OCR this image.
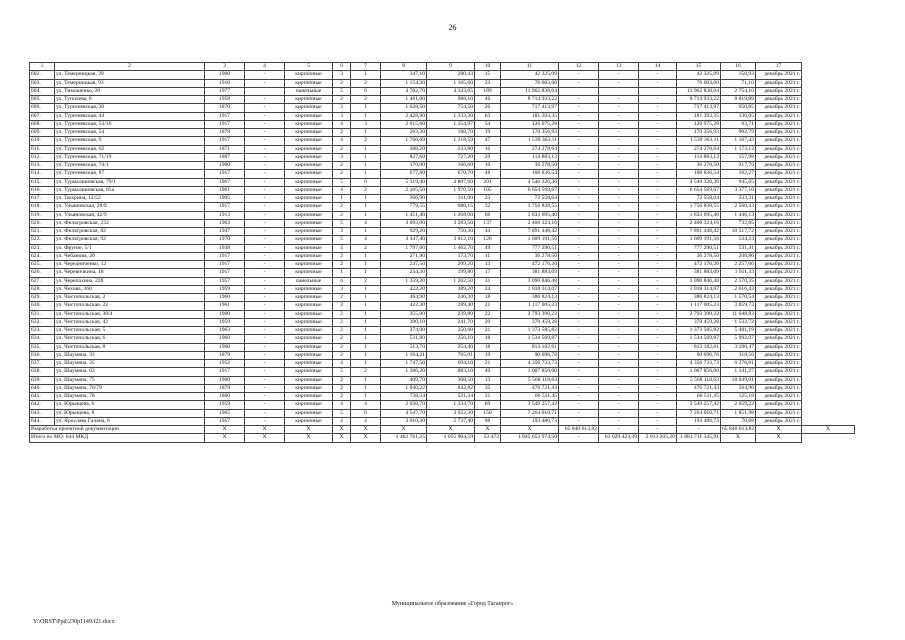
26
1	2	3	4	5	6	7	8	9	10	11	12	13	14	15	16	17	
602.	ул. Темерницкая, 39	1900	-	кирпичные	3	1	347,10	280,43	15	42 325,09	-	-	-	42 325,09	150,93	декабрь 2021 г.	
603.	ул. Темерницкая, 93	1910	-	кирпичные	2	2	1 154,30	1 105,60	23	76 603,60	-	-	-	76 603,60	71,10	декабрь 2021 г.	
604.	ул. Тимошенко, 20	1977		панельные	5	6	4 702,70	4 343,65	189	11 962 838,04				11 962 838,04	2 754,10	декабрь 2021 г.	
605.	ул. Туполева, 8	1958	-	кирпичные	2	2	1 481,00	988,10	46	8 714 933,22	-	-	-	8 714 933,22	8 819,89	декабрь 2021 г.	
606.	ул. Тургеневская, 30	1870	-	кирпичные	3	1	1 028,50	754,50	26	717 413,97	-	-	-	717 413,97	950,85	декабрь 2021 г.	
607.	ул. Тургеневская, 44	1917	-	кирпичные	3	1	2 428,90	1 333,30	63	181 393,35	-	-	-	181 393,35	136,05	декабрь 2021 г.	
608.	ул. Тургеневская, 53/16	1917	-	кирпичные	4	3	2 015,60	1 354,97	54	126 975,28	-	-	-	126 975,28	93,71	декабрь 2021 г.	
609.	ул. Тургеневская, 54	1878	-	кирпичные	2	1	263,30	188,70	19	170 356,93	-	-	-	170 356,93	902,79	декабрь 2021 г.	
610.	ул. Тургеневская, 6	1917	-	кирпичные	4	2	1 766,69	1 318,59	47	1 539 363,11	-	-	-	1 539 363,11	1 167,43	декабрь 2021 г.	
611.	ул. Тургеневская, 62	1871	-	кирпичные	2	1	388,20	233,80	16	274 278,64	-	-	-	274 278,64	1 173,13	декабрь 2021 г.	
612.	ул. Тургеневская, 71/19	1887	-	кирпичные	3	1	827,60	727,20	29	114 883,13	-	-	-	114 883,13	157,98	декабрь 2021 г.	
613.	ул. Тургеневская, 74/1	1900	-	кирпичные	2	1	176,00	166,60	10	36 278,50	-	-	-	36 278,50	217,76	декабрь 2021 г.	
614.	ул. Тургеневская, 87	1917	-	кирпичные	2	1	677,80	670,70	48	108 836,54	-	-	-	108 836,54	162,27	декабрь 2021 г.	
615.	ул. Турмалиновская, 79/1	1967	-	кирпичные	5	6	5 319,40	4 807,60	201	4 546 326,36	-	-	-	4 546 326,36	945,65	декабрь 2021 г.	
616.	ул. Турмалиновская, 85а	1961	-	кирпичные	4	2	2 105,50	1 970,50	105	6 654 569,67	-	-	-	6 654 569,67	3 377,10	декабрь 2021 г.	
617.	ул. Тюхрина, 12/52	1905	-	кирпичные	1	1	366,90	311,00	23	72 558,04	-	-	-	72 558,04	233,31	декабрь 2021 г.	
618.	ул. Ульяновская, 28/9	1917	-	кирпичные	2	1	779,55	686,15	32	1 756 838,55	-	-	-	1 756 838,55	2 560,43	декабрь 2021 г.	
619.	ул. Ульяновская, 42/9	1913	-	кирпичные	2	1	1 451,40	1 268,00	66	1 833 695,40	-	-	-	1 833 695,40	1 446,13	декабрь 2021 г.	
620.	ул. Фильтровская, 232	1963	-	кирпичные	5	4	4 093,00	3 283,50	137	2 406 324,16	-	-	-	2 406 324,16	732,85	декабрь 2021 г.	
621.	ул. Фильтровская, 82	1947	-	кирпичные	3	1	929,20	750,30	44	7 891 448,42	-	-	-	7 891 448,42	10 517,72	декабрь 2021 г.	
622.	ул. Фильтровская, 92	1970	-	кирпичные	5	4	4 347,40	3 012,10	126	1 609 191,56	-	-	-	1 609 191,56	534,24	декабрь 2021 г.	
623.	ул. Фрунзе, 5/1	1938	-	кирпичные	4	2	1 797,00	1 462,70	49	777 290,51	-	-	-	777 290,51	531,41	декабрь 2021 г.	
624.	ул. Чебанова, 20	1917	-	кирпичные	2	1	271,90	173,70	11	36 278,50	-	-	-	36 278,50	208,86	декабрь 2021 г.	
625.	ул. Чередниченко, 12	1917	-	кирпичные	2	1	247,50	209,20	13	472 176,26	-	-	-	472 176,26	2 257,06	декабрь 2021 г.	
626.	ул. Черевичкина, 18	1917	-	кирпичные	1	1	234,30	199,80	17	381 883,09	-	-	-	381 883,09	1 911,33	декабрь 2021 г.	
627.	ул. Черепахина, 228	1957	-	панельные	4	2	1 359,20	1 202,50	31	3 090 846,48	-	-	-	3 090 846,48	2 570,35	декабрь 2021 г.	
628.	ул. Чехова, 360	1959	-	кирпичные	3	1	422,20	389,20	24	1 018 314,07	-	-	-	1 018 314,07	2 616,43	декабрь 2021 г.	
629.	ул. Чистопольская, 2	1960	-	кирпичные	2	1	484,90	246,30	18	386 824,13	-	-	-	386 824,13	1 570,54	декабрь 2021 г.	
630.	ул. Чистопольская, 22	1961	-	кирпичные	3	1	422,30	289,40	21	1 117 005,23	-	-	-	1 117 005,23	3 859,73	декабрь 2021 г.	
631.	ул. Чистопольская, 38/4	1960	-	кирпичные	2	1	355,00	239,80	22	2 793 390,22	-	-	-	2 793 390,22	11 648,83	декабрь 2021 г.	
632.	ул. Чистопольская, 42	1959	-	кирпичные	2	1	390,10	241,70	20	370 459,28	-	-	-	370 459,28	1 532,72	декабрь 2021 г.	
633.	ул. Чистопольская, 5	1963	-	кирпичные	2	1	374,00	250,60	21	1 373 585,82	-	-	-	1 373 585,82	5 481,19	декабрь 2021 г.	
634.	ул. Чистопольская, 6	1960	-	кирпичные	2	1	531,80	256,10	18	1 534 569,87	-	-	-	1 534 569,87	5 992,07	декабрь 2021 г.	
635.	ул. Чистопольская, 8	1960	-	кирпичные	2	1	513,70	254,40	18	813 182,61	-	-	-	813 182,61	3 196,47	декабрь 2021 г.	
636.	ул. Шаумяна, 33	1879	-	кирпичные	2	1	1 104,21	765,01	19	90 696,78	-	-	-	90 696,78	118,56	декабрь 2021 г.	
637.	ул. Шаумяна, 35	1952	-	кирпичные	4	1	1 747,50	694,10	21	4 356 733,73	-	-	-	4 356 733,73	6 276,81	декабрь 2021 г.	
638.	ул. Шаумяна, 63	1917	-	кирпичные	5	2	1 386,20	883,10	40	1 007 856,00	-	-	-	1 007 856,00	1 141,27	декабрь 2021 г.	
639.	ул. Шаумяна, 75	1900	-	кирпичные	2	1	409,70	308,50	13	5 568 118,63	-	-	-	5 568 118,63	18 049,01	декабрь 2021 г.	
640.	ул. Шаумяна, 76/79	1879	-	кирпичные	2	1	1 040,22	842,82	35	476 721,43	-	-	-	476 721,43	564,96	декабрь 2021 г.	
641.	ул. Шаумяна, 78	1860	-	кирпичные	2	1	738,34	531,34	31	66 511,45	-	-	-	66 511,45	125,18	декабрь 2021 г.	
642.	ул. Юрьицева, 6	1959	-	кирпичные	4	4	2 038,70	1 334,70	69	3 549 257,42	-	-	-	3 549 257,42	2 659,22	декабрь 2021 г.	
643.	ул. Юрьицева, 8	1965	-	кирпичные	5	6	4 547,70	3 922,30	150	7 264 010,71	-	-	-	7 264 010,71	1 851,98	декабрь 2021 г.	
644.	ул. Ярослава Галана, 6	1957	-	кирпичные	4	4	3 010,30	2 737,40	98	193 486,73	-	-	-	193 486,73	70,68	декабрь 2021 г.	
Разработка проектной документации		X	X	X	X	X	X	X	X	X	65 840 613,82	-	-	-	65 840 613,82	X	X
Итого по МО: 644 МКД		X	X	X	X	X	1 462 761,25	1 055 904,59	53 473	1 945 653 974,50	-	61 029 423,39	2 913 205,20	1 881 711 345,91	X	X	
Муниципальное образование «Город Таганрог»
Y:\ORST\Ppd\230p1149.f21.docx
